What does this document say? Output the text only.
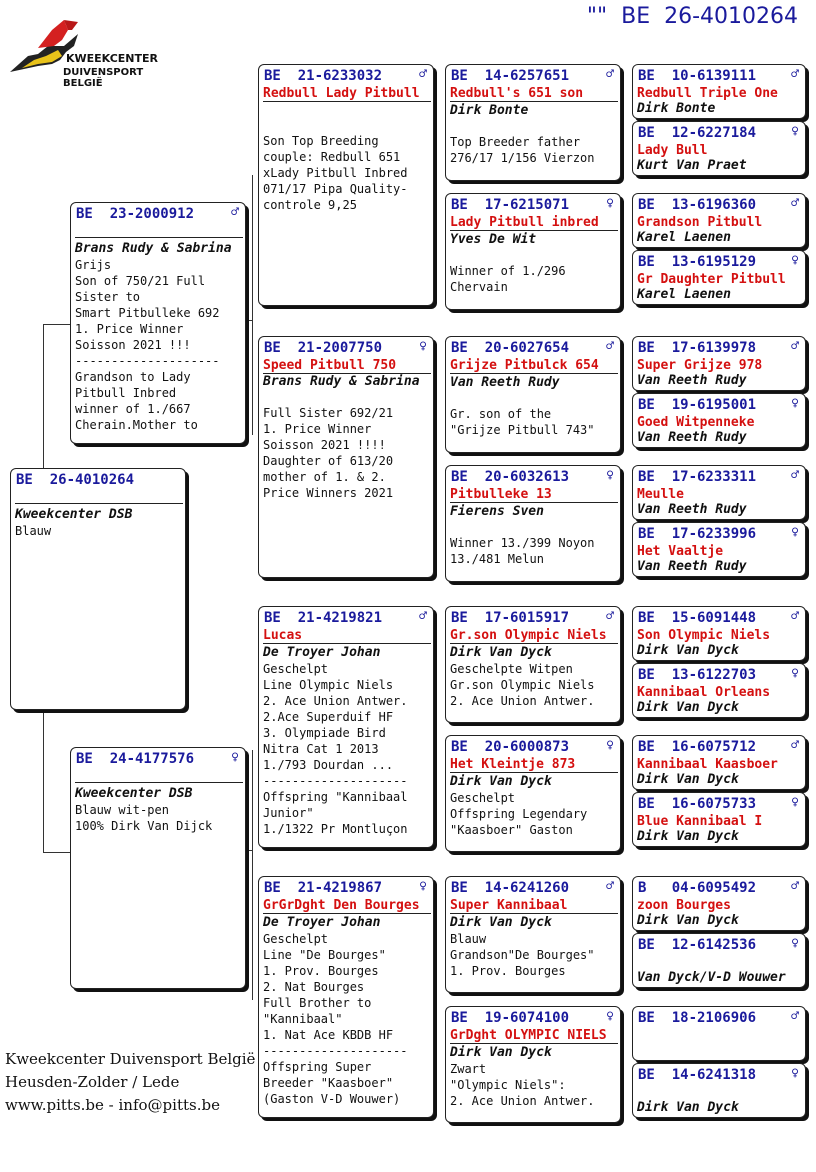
""  BE  26-4010264
KWEEKCENTER
DUIVENSPORT BELGIË
BE  26-4010264
Kweekcenter DSB
Blauw
BE  23-2000912	♂
Brans Rudy & Sabrina
Grijs
Son of 750/21 Full
Sister to
Smart Pitbulleke 692
1. Price Winner
Soisson 2021 !!!
--------------------
Grandson to Lady
Pitbull Inbred
winner of 1./667
Cherain.Mother to
BE  24-4177576	♀
Kweekcenter DSB
Blauw wit-pen
100% Dirk Van Dijck
BE  21-6233032	♂
Redbull Lady Pitbull
Son Top Breeding
couple: Redbull 651
xLady Pitbull Inbred
071/17 Pipa Quality-
controle 9,25
BE  21-2007750	♀
Speed Pitbull 750
Brans Rudy & Sabrina
Full Sister 692/21
1. Price Winner
Soisson 2021 !!!!
Daughter of 613/20
mother of 1. & 2.
Price Winners 2021
BE  21-4219821	♂
Lucas
De Troyer Johan
Geschelpt
Line Olympic Niels
2. Ace Union Antwer.
2.Ace Superduif HF
3. Olympiade Bird
Nitra Cat 1 2013
1./793 Dourdan ...
--------------------
Offspring "Kannibaal
Junior"
1./1322 Pr Montluçon
BE  21-4219867	♀
GrGrDght Den Bourges
De Troyer Johan
Geschelpt
Line "De Bourges"
1. Prov. Bourges
2. Nat Bourges
Full Brother to
"Kannibaal"
1. Nat Ace KBDB HF
--------------------
Offspring Super
Breeder "Kaasboer"
(Gaston V-D Wouwer)
BE  14-6257651	♂
Redbull's 651 son
Dirk Bonte
Top Breeder father
276/17 1/156 Vierzon
BE  17-6215071	♀
Lady Pitbull inbred
Yves De Wit
Winner of 1./296
Chervain
BE  20-6027654	♂
Grijze Pitbulck 654
Van Reeth Rudy
Gr. son of the
"Grijze Pitbull 743"
BE  20-6032613	♀
Pitbulleke 13
Fierens Sven
Winner 13./399 Noyon
13./481 Melun
BE  17-6015917	♂
Gr.son Olympic Niels
Dirk Van Dyck
Geschelpte Witpen
Gr.son Olympic Niels
2. Ace Union Antwer.
BE  20-6000873	♀
Het Kleintje 873
Dirk Van Dyck
Geschelpt
Offspring Legendary
"Kaasboer" Gaston
BE  14-6241260	♂
Super Kannibaal
Dirk Van Dyck
Blauw
Grandson"De Bourges"
1. Prov. Bourges
BE  19-6074100	♀
GrDght OLYMPIC NIELS
Dirk Van Dyck
Zwart
"Olympic Niels":
2. Ace Union Antwer.
BE  10-6139111	♂
Redbull Triple One
Dirk Bonte
BE  12-6227184	♀
Lady Bull
Kurt Van Praet
BE  13-6196360	♂
Grandson Pitbull
Karel Laenen
BE  13-6195129	♀
Gr Daughter Pitbull
Karel Laenen
BE  17-6139978	♂
Super Grijze 978
Van Reeth Rudy
BE  19-6195001	♀
Goed Witpenneke
Van Reeth Rudy
BE  17-6233311	♂
Meulle
Van Reeth Rudy
BE  17-6233996	♀
Het Vaaltje
Van Reeth Rudy
BE  15-6091448	♂
Son Olympic Niels
Dirk Van Dyck
BE  13-6122703	♀
Kannibaal Orleans
Dirk Van Dyck
BE  16-6075712	♂
Kannibaal Kaasboer
Dirk Van Dyck
BE  16-6075733	♀
Blue Kannibaal I
Dirk Van Dyck
B   04-6095492	♂
zoon Bourges
Dirk Van Dyck
BE  12-6142536	♀
Van Dyck/V-D Wouwer
BE  18-2106906	♂
BE  14-6241318	♀
Dirk Van Dyck
Kweekcenter Duivensport België
Heusden-Zolder / Lede
www.pitts.be - info@pitts.be
